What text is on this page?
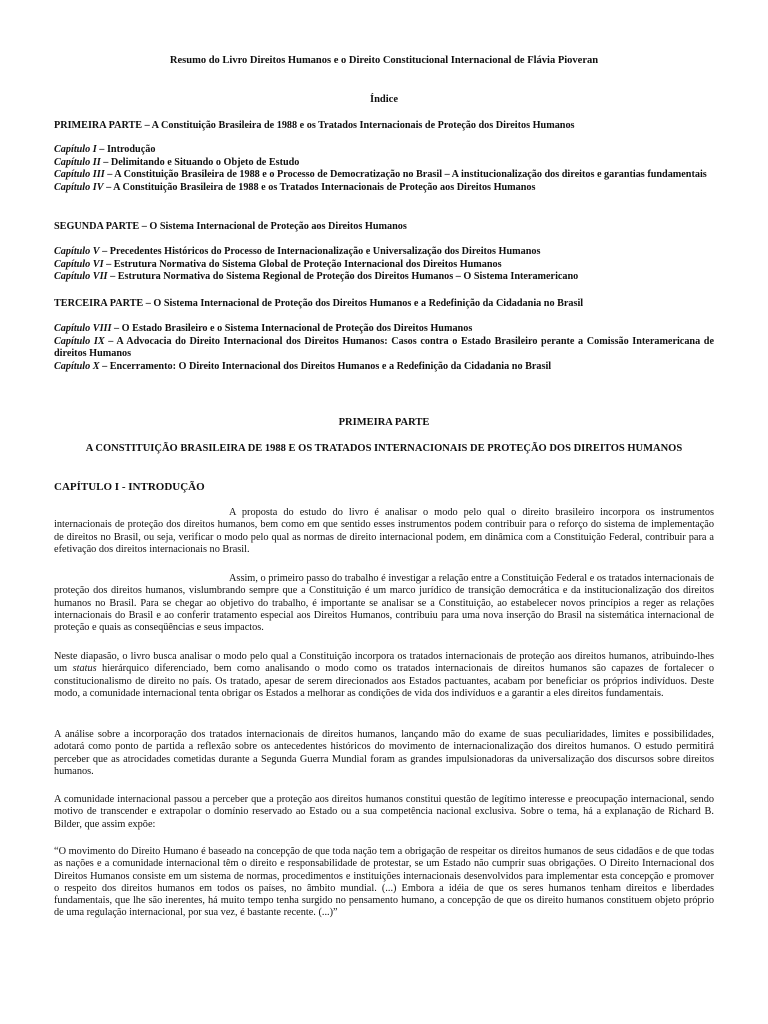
Resumo do Livro Direitos Humanos e o Direito Constitucional Internacional de Flávia Pioveran
Índice
PRIMEIRA PARTE – A Constituição Brasileira de 1988 e os Tratados Internacionais de Proteção dos Direitos Humanos
Capítulo I – Introdução
Capítulo II – Delimitando e Situando o Objeto de Estudo
Capítulo III – A Constituição Brasileira de 1988 e o Processo de Democratização no Brasil – A institucionalização dos direitos e garantias fundamentais
Capítulo IV – A Constituição Brasileira de 1988 e os Tratados Internacionais de Proteção aos Direitos Humanos
SEGUNDA PARTE – O Sistema Internacional de Proteção aos Direitos Humanos
Capítulo V – Precedentes Históricos do Processo de Internacionalização e Universalização dos Direitos Humanos
Capítulo VI – Estrutura Normativa do Sistema Global de Proteção Internacional dos Direitos Humanos
Capítulo VII – Estrutura Normativa do Sistema Regional de Proteção dos Direitos Humanos – O Sistema Interamericano
TERCEIRA PARTE – O Sistema Internacional de Proteção dos Direitos Humanos e a Redefinição da Cidadania no Brasil
Capítulo VIII – O Estado Brasileiro e o Sistema Internacional de Proteção dos Direitos Humanos
Capítulo IX – A Advocacia do Direito Internacional dos Direitos Humanos: Casos contra o Estado Brasileiro perante a Comissão Interamericana de direitos Humanos
Capítulo X – Encerramento: O Direito Internacional dos Direitos Humanos e a Redefinição da Cidadania no Brasil
PRIMEIRA PARTE
A CONSTITUIÇÃO BRASILEIRA DE 1988 E OS TRATADOS INTERNACIONAIS DE PROTEÇÃO DOS DIREITOS HUMANOS
CAPÍTULO I - INTRODUÇÃO

A proposta do estudo do livro é analisar o modo pelo qual o direito brasileiro incorpora os instrumentos internacionais de proteção dos direitos humanos, bem como em que sentido esses instrumentos podem contribuir para o reforço do sistema de implementação de direitos no Brasil, ou seja, verificar o modo pelo qual as normas de direito internacional podem, em dinâmica com a Constituição Federal, contribuir para a efetivação dos direitos internacionais no Brasil.

Assim, o primeiro passo do trabalho é investigar a relação entre a Constituição Federal e os tratados internacionais de proteção dos direitos humanos, vislumbrando sempre que a Constituição é um marco jurídico de transição democrática e da institucionalização dos direitos humanos no Brasil. Para se chegar ao objetivo do trabalho, é importante se analisar se a Constituição, ao estabelecer novos princípios a reger as relações internacionais do Brasil e ao conferir tratamento especial aos Direitos Humanos, contribuiu para uma nova inserção do Brasil na sistemática internacional de proteção e quais as conseqüências e seus impactos.

Neste diapasão, o livro busca analisar o modo pelo qual a Constituição incorpora os tratados internacionais de proteção aos direitos humanos, atribuindo-lhes um status hierárquico diferenciado, bem como analisando o modo como os tratados internacionais de direitos humanos são capazes de fortalecer o constitucionalismo de direito no país. Os tratado, apesar de serem direcionados aos Estados pactuantes, acabam por beneficiar os próprios indivíduos. Deste modo, a comunidade internacional tenta obrigar os Estados a melhorar as condições de vida dos indivíduos e a garantir a eles direitos fundamentais.

A análise sobre a incorporação dos tratados internacionais de direitos humanos, lançando mão do exame de suas peculiaridades, limites e possibilidades, adotará como ponto de partida a reflexão sobre os antecedentes históricos do movimento de internacionalização dos direitos humanos. O estudo permitirá perceber que as atrocidades cometidas durante a Segunda Guerra Mundial foram as grandes impulsionadoras da universalização dos discursos sobre direitos humanos.

A comunidade internacional passou a perceber que a proteção aos direitos humanos constitui questão de legítimo interesse e preocupação internacional, sendo motivo de transcender e extrapolar o domínio reservado ao Estado ou a sua competência nacional exclusiva. Sobre o tema, há a explanação de Richard B. Bilder, que assim expõe:

“O movimento do Direito Humano é baseado na concepção de que toda nação tem a obrigação de respeitar os direitos humanos de seus cidadãos e de que todas as nações e a comunidade internacional têm o direito e responsabilidade de protestar, se um Estado não cumprir suas obrigações. O Direito Internacional dos Direitos Humanos consiste em um sistema de normas, procedimentos e instituições internacionais desenvolvidos para implementar esta concepção e promover o respeito dos direitos humanos em todos os países, no âmbito mundial. (...) Embora a idéia de que os seres humanos tenham direitos e liberdades fundamentais, que lhe são inerentes, há muito tempo tenha surgido no pensamento humano, a concepção de que os direito humanos constituem objeto próprio de uma regulação internacional, por sua vez, é bastante recente. (...)”
